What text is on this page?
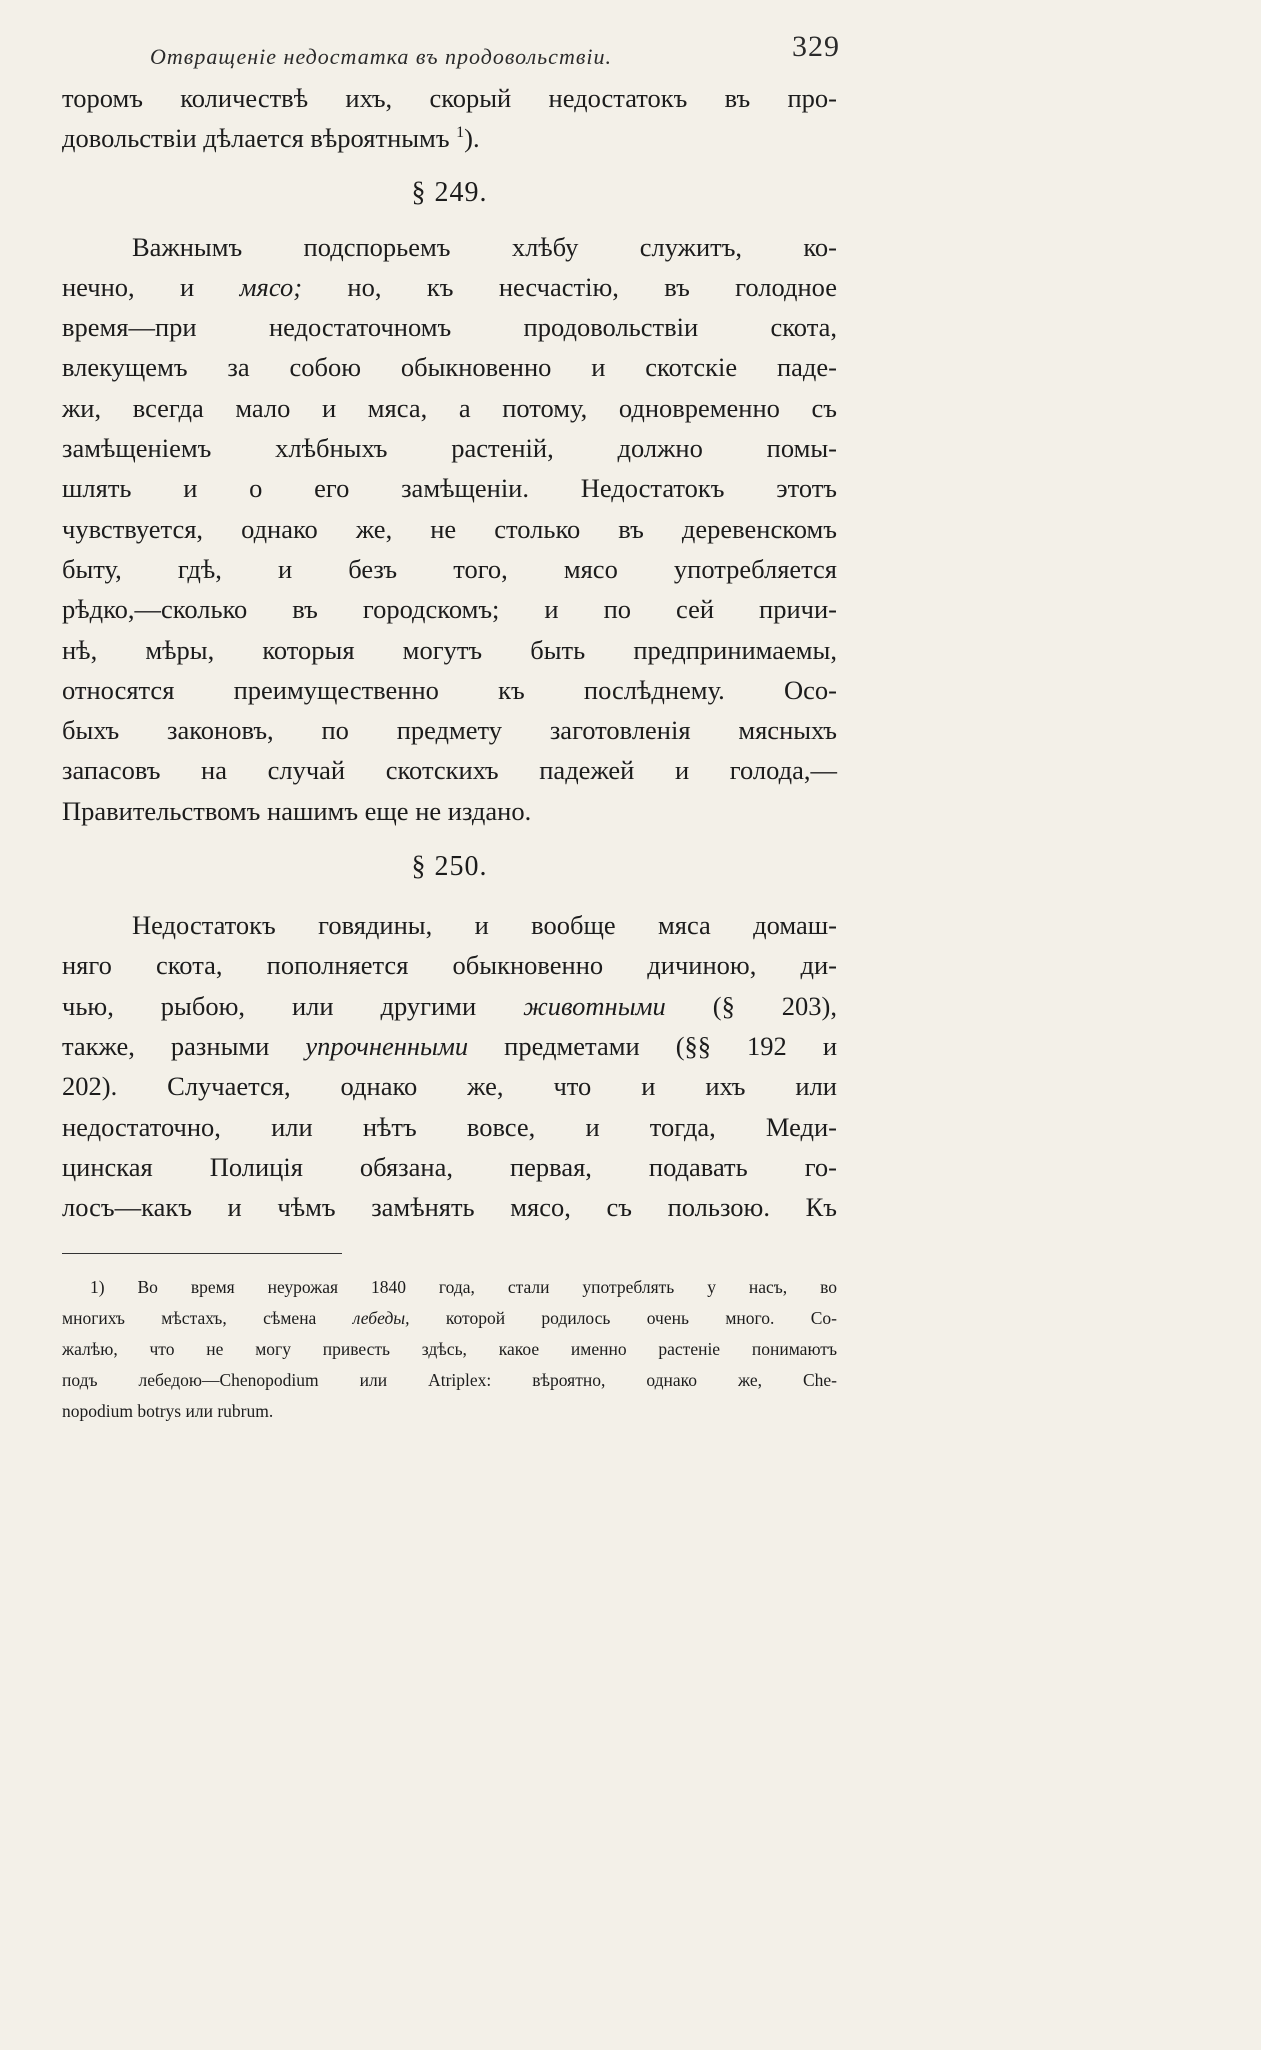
Отвращеніе недостатка въ продовольствіи.	329

торомъ количествѣ ихъ, скорый недостатокъ въ про-
довольствіи дѣлается вѣроятнымъ $^1$).

§ 249.

Важнымъ подспорьемъ хлѣбу служитъ, ко-
нечно, и мясо; но, къ несчастію, въ голодное
время—при недостаточномъ продовольствіи скота,
влекущемъ за собою обыкновенно и скотскіе паде-
жи, всегда мало и мяса, а потому, одновременно съ
замѣщеніемъ хлѣбныхъ растеній, должно помы-
шлять и о его замѣщеніи. Недостатокъ этотъ
чувствуется, однако же, не столько въ деревенскомъ
быту, гдѣ, и безъ того, мясо употребляется
рѣдко,—сколько въ городскомъ; и по сей причи-
нѣ, мѣры, которыя могутъ быть предпринимаемы,
относятся преимущественно къ послѣднему. Осо-
быхъ законовъ, по предмету заготовленія мясныхъ
запасовъ на случай скотскихъ падежей и голода,—
Правительствомъ нашимъ еще не издано.

§ 250.

Недостатокъ говядины, и вообще мяса домаш-
няго скота, пополняется обыкновенно дичиною, ди-
чью, рыбою, или другими животными (§ 203),
также, разными упрочненными предметами (§§ 192 и
202). Случается, однако же, что и ихъ или
недостаточно, или нѣтъ вовсе, и тогда, Меди-
цинская Полиція обязана, первая, подавать го-
лосъ—какъ и чѣмъ замѣнять мясо, съ пользою. Къ

1) Во время неурожая 1840 года, стали употреблять у насъ, во
многихъ мѣстахъ, сѣмена лебеды, которой родилось очень много. Со-
жалѣю, что не могу привесть здѣсь, какое именно растеніе понимаютъ
подъ лебедою—Chenopodium или Atriplex: вѣроятно, однако же, Che-
nopodium botrys или rubrum.
